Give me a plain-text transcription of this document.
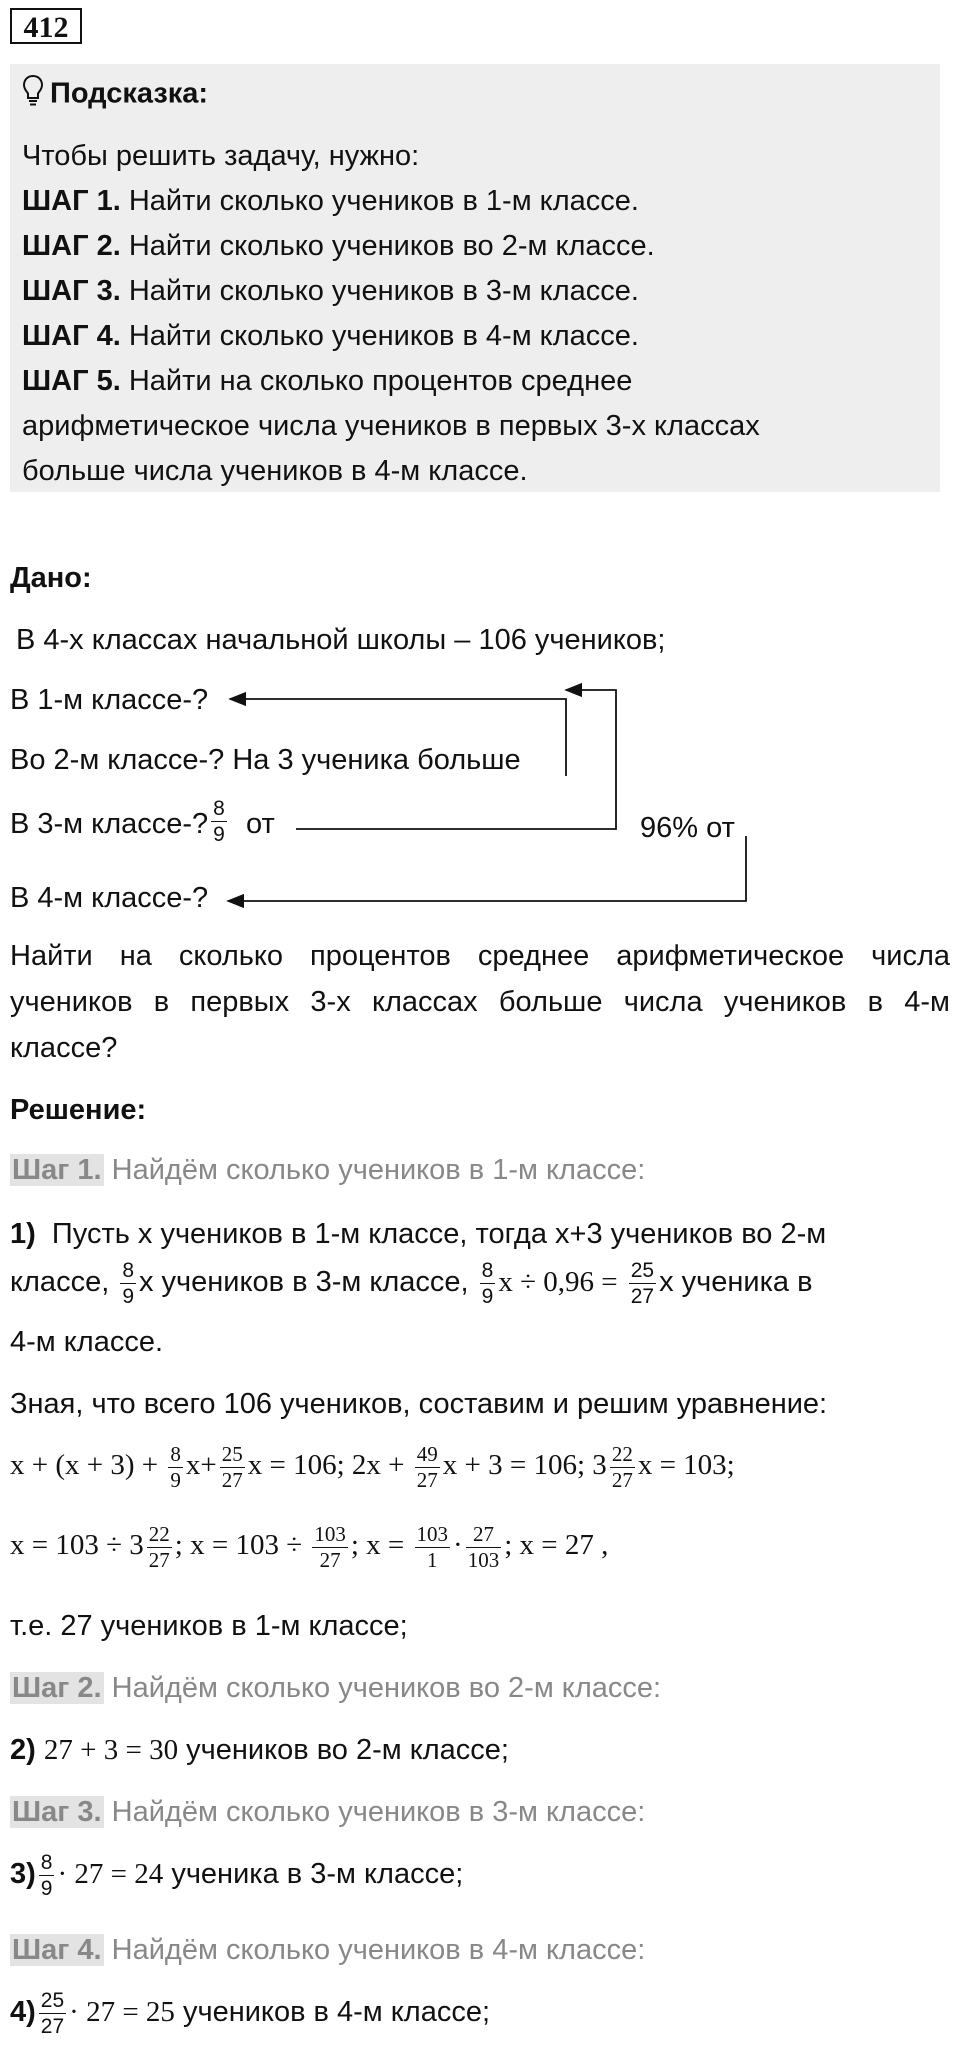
412
Подсказка:
Чтобы решить задачу, нужно:
ШАГ 1. Найти сколько учеников в 1-м классе.
ШАГ 2. Найти сколько учеников во 2-м классе.
ШАГ 3. Найти сколько учеников в 3-м классе.
ШАГ 4. Найти сколько учеников в 4-м классе.
ШАГ 5. Найти на сколько процентов среднее
арифметическое числа учеников в первых 3-х классах
больше числа учеников в 4-м классе.
Дано:
В 4-х классах начальной школы – 106 учеников;
В 1-м классе-?
Во 2-м классе-? На 3 ученика больше
В 3-м классе-? $\frac{8}{9}$ от	96% от
В 4-м классе-?
Найти на сколько процентов среднее арифметическое числа
учеников в первых 3-х классах больше числа учеников в 4-м
классе?
Решение:
Шаг 1. Найдём сколько учеников в 1-м классе:
1) Пусть x учеников в 1-м классе, тогда x+3 учеников во 2-м
классе, $\frac{8}{9}$ x учеников в 3-м классе, $\frac{8}{9}$ $x \div 0,96 = \frac{25}{27}$ x ученика в
4-м классе.
Зная, что всего 106 учеников, составим и решим уравнение:
$x + (x + 3) + \frac{8}{9} x+ \frac{25}{27}$ x = 106; $2x + \frac{49}{27}$ x + 3 = 106; $3 \frac{22}{27}$ x = 103;
$x = 103 \div 3 \frac{22}{27}$ ; $x = 103 \div \frac{103}{27}$ ; $x = \frac{103}{1} \cdot \frac{27}{103}$ ; x = 27 ,
т.е. 27 учеников в 1-м классе;
Шаг 2. Найдём сколько учеников во 2-м классе:
2) 27 + 3 = 30 учеников во 2-м классе;
Шаг 3. Найдём сколько учеников в 3-м классе:
$3) \frac{8}{9} \cdot 27 = 24$ ученика в 3-м классе;
Шаг 4. Найдём сколько учеников в 4-м классе:
$4) \frac{25}{27} \cdot 27 = 25$ учеников в 4-м классе;
